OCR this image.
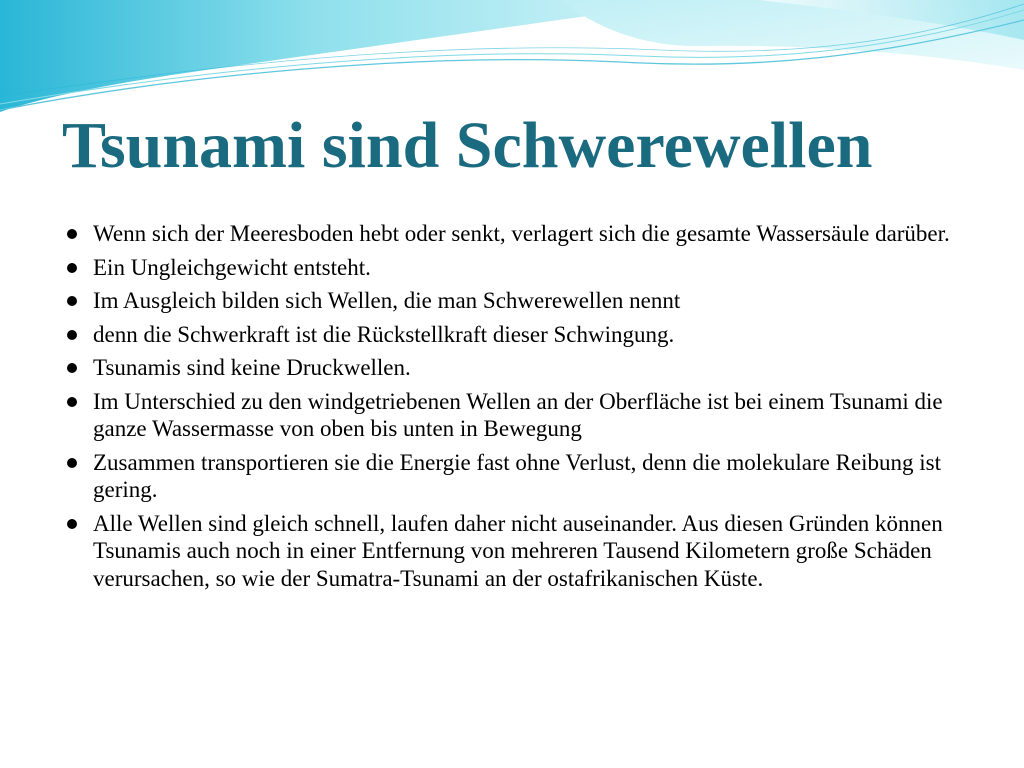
Tsunami sind Schwerewellen
Wenn sich der Meeresboden hebt oder senkt, verlagert sich die gesamte Wassersäule darüber.
Ein Ungleichgewicht entsteht.
Im Ausgleich bilden sich Wellen, die man Schwerewellen nennt
denn die Schwerkraft ist die Rückstellkraft dieser Schwingung.
Tsunamis sind keine Druckwellen.
Im Unterschied zu den windgetriebenen Wellen an der Oberfläche ist bei einem Tsunami die ganze Wassermasse von oben bis unten in Bewegung
Zusammen transportieren sie die Energie fast ohne Verlust, denn die molekulare Reibung ist gering.
Alle Wellen sind gleich schnell, laufen daher nicht auseinander. Aus diesen Gründen können Tsunamis auch noch in einer Entfernung von mehreren Tausend Kilometern große Schäden verursachen, so wie der Sumatra-Tsunami an der ostafrikanischen Küste.
